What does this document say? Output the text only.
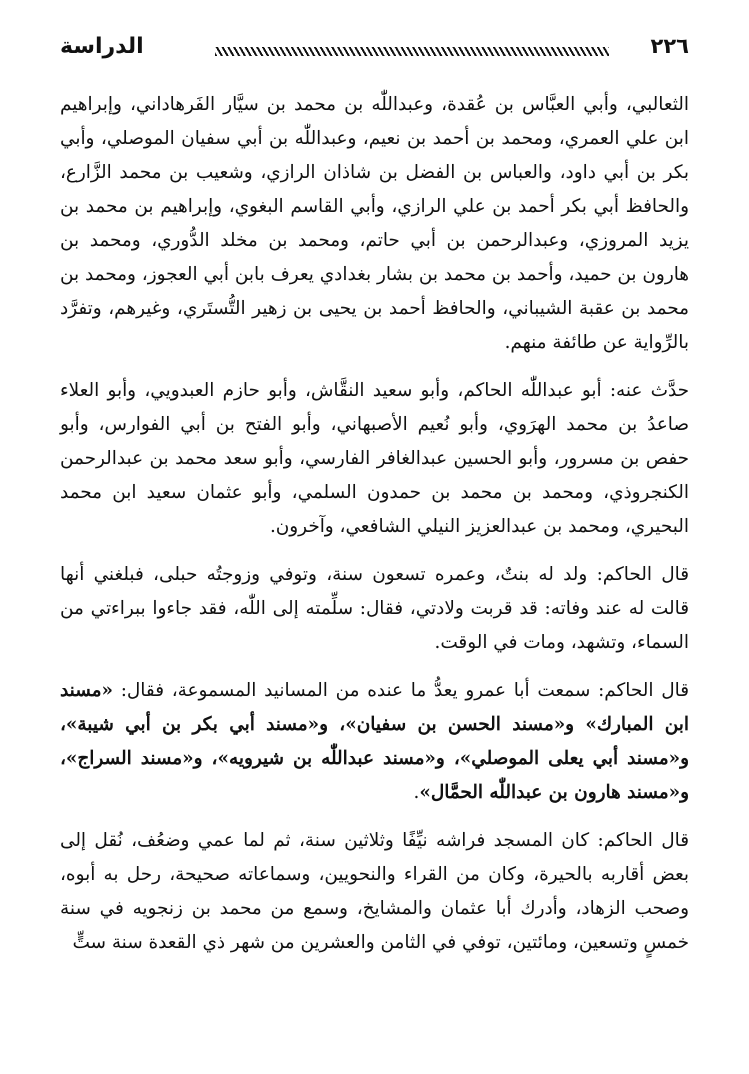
٢٢٦
الدراسة

الثعالبي، وأبي العبَّاس بن عُقدة، وعبداللّٰه بن محمد بن سيَّار الفَرهاداني، وإبراهيم ابن علي العمري، ومحمد بن أحمد بن نعيم، وعبداللّٰه بن أبي سفيان الموصلي، وأبي بكر بن أبي داود، والعباس بن الفضل بن شاذان الرازي، وشعيب بن محمد الزَّارع، والحافظ أبي بكر أحمد بن علي الرازي، وأبي القاسم البغوي، وإبراهيم بن محمد بن يزيد المروزي، وعبدالرحمن بن أبي حاتم، ومحمد بن مخلد الدُّوري، ومحمد بن هارون بن حميد، وأحمد بن محمد بن بشار بغدادي يعرف بابن أبي العجوز، ومحمد بن محمد بن عقبة الشيباني، والحافظ أحمد بن يحيى بن زهير التُّستَري، وغيرهم، وتفرَّد بالرِّواية عن طائفة منهم.

حدَّث عنه: أبو عبداللّٰه الحاكم، وأبو سعيد النقَّاش، وأبو حازم العبدويي، وأبو العلاء صاعدُ بن محمد الهرَوي، وأبو نُعيم الأصبهاني، وأبو الفتح بن أبي الفوارس، وأبو حفص بن مسرور، وأبو الحسين عبدالغافر الفارسي، وأبو سعد محمد بن عبدالرحمن الكنجروذي، ومحمد بن محمد بن حمدون السلمي، وأبو عثمان سعيد ابن محمد البحيري، ومحمد بن عبدالعزيز النيلي الشافعي، وآخرون.

قال الحاكم: ولد له بنتٌ، وعمره تسعون سنة، وتوفي وزوجتُه حبلى، فبلغني أنها قالت له عند وفاته: قد قربت ولادتي، فقال: سلِّمته إلى اللّٰه، فقد جاءوا ببراءتي من السماء، وتشهد، ومات في الوقت.

قال الحاكم: سمعت أبا عمرو يعدُّ ما عنده من المسانيد المسموعة، فقال: «مسند ابن المبارك» و«مسند الحسن بن سفيان»، و«مسند أبي بكر بن أبي شيبة»، و«مسند أبي يعلى الموصلي»، و«مسند عبداللّٰه بن شيرويه»، و«مسند السراج»، و«مسند هارون بن عبداللّٰه الحمَّال».

قال الحاكم: كان المسجد فراشه نيِّفًا وثلاثين سنة، ثم لما عمي وضعُف، نُقل إلى بعض أقاربه بالحيرة، وكان من القراء والنحويين، وسماعاته صحيحة، رحل به أبوه، وصحب الزهاد، وأدرك أبا عثمان والمشايخ، وسمع من محمد بن زنجويه في سنة خمسٍ وتسعين، ومائتين، توفي في الثامن والعشرين من شهر ذي القعدة سنة ستٍّ
